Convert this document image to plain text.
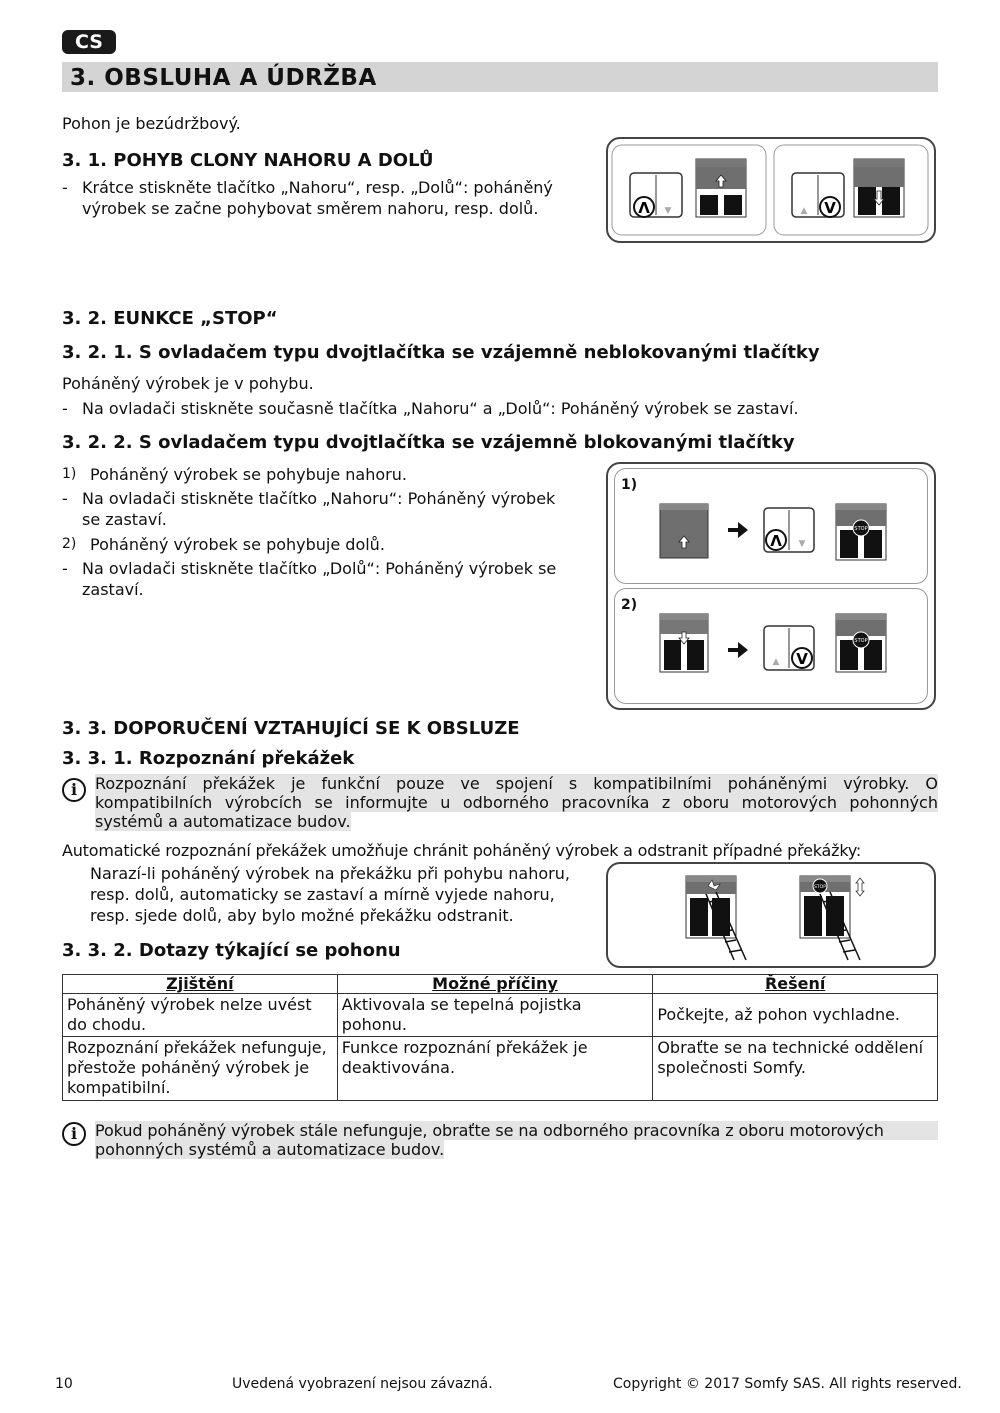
CS
3. OBSLUHA A ÚDRŽBA
Pohon je bezúdržbový.
3. 1. POHYB CLONY NAHORU A DOLŮ
- Krátce stiskněte tlačítko „Nahoru“, resp. „Dolů“: poháněný
výrobek se začne pohybovat směrem nahoru, resp. dolů.	Λ ▼	▲ V
3. 2. EUNKCE „STOP“
3. 2. 1. S ovladačem typu dvojtlačítka se vzájemně neblokovanými tlačítky
Poháněný výrobek je v pohybu.
- Na ovladači stiskněte současně tlačítka „Nahoru“ a „Dolů“: Poháněný výrobek se zastaví.
3. 2. 2. S ovladačem typu dvojtlačítka se vzájemně blokovanými tlačítky
1) Poháněný výrobek se pohybuje nahoru.
- Na ovladači stiskněte tlačítko „Nahoru“: Poháněný výrobek
se zastaví.
2) Poháněný výrobek se pohybuje dolů.
- Na ovladači stiskněte tlačítko „Dolů“: Poháněný výrobek se
zastaví.
1)
2)
Λ ▼
STOP
▲ V
STOP
3. 3. DOPORUČENÍ VZTAHUJÍCÍ SE K OBSLUZE
3. 3. 1. Rozpoznání překážek
i	Rozpoznání překážek je funkční pouze ve spojení s kompatibilními poháněnými výrobky. O
kompatibilních výrobcích se informujte u odborného pracovníka z oboru motorových pohonných
systémů a automatizace budov.
Automatické rozpoznání překážek umožňuje chránit poháněný výrobek a odstranit případné překážky:
Narazí-li poháněný výrobek na překážku při pohybu nahoru,
resp. dolů, automaticky se zastaví a mírně vyjede nahoru,
resp. sjede dolů, aby bylo možné překážku odstranit.
STOP
3. 3. 2. Dotazy týkající se pohonu
Zjištění	Možné příčiny	Řešení
Poháněný výrobek nelze uvést do chodu.	Aktivovala se tepelná pojistka pohonu.	Počkejte, až pohon vychladne.
Rozpoznání překážek nefunguje, přestože poháněný výrobek je kompatibilní.	Funkce rozpoznání překážek je deaktivována.	Obraťte se na technické oddělení společnosti Somfy.
i	Pokud poháněný výrobek stále nefunguje, obraťte se na odborného pracovníka z oboru motorových
pohonných systémů a automatizace budov.
10	Uvedená vyobrazení nejsou závazná.	Copyright © 2017 Somfy SAS. All rights reserved.
